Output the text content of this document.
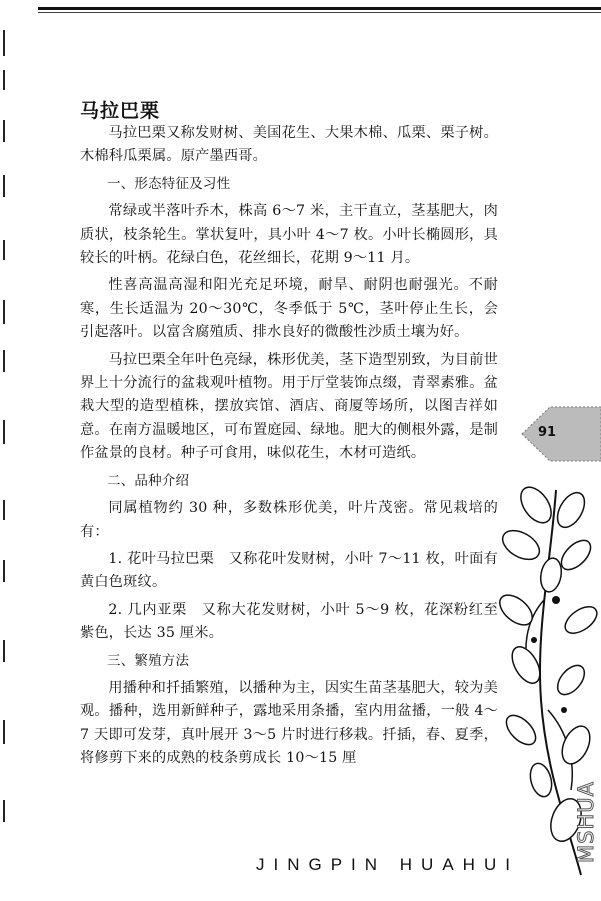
马拉巴栗

马拉巴栗又称发财树、美国花生、大果木棉、瓜栗、栗子树。木棉科瓜栗属。原产墨西哥。

一、形态特征及习性

常绿或半落叶乔木，株高 6～7 米，主干直立，茎基肥大，肉质状，枝条轮生。掌状复叶，具小叶 4～7 枚。小叶长椭圆形，具较长的叶柄。花绿白色，花丝细长，花期 9～11 月。

性喜高温高湿和阳光充足环境，耐旱、耐阴也耐强光。不耐寒，生长适温为 20～30℃，冬季低于 5℃，茎叶停止生长，会引起落叶。以富含腐殖质、排水良好的微酸性沙质土壤为好。

马拉巴栗全年叶色亮绿，株形优美，茎下造型别致，为目前世界上十分流行的盆栽观叶植物。用于厅堂装饰点缀，青翠素雅。盆栽大型的造型植株，摆放宾馆、酒店、商厦等场所，以图吉祥如意。在南方温暖地区，可布置庭园、绿地。肥大的侧根外露，是制作盆景的良材。种子可食用，味似花生，木材可造纸。

二、品种介绍

同属植物约 30 种，多数株形优美，叶片茂密。常见栽培的有：

1. 花叶马拉巴栗　又称花叶发财树，小叶 7～11 枚，叶面有黄白色斑纹。

2. 几内亚栗　又称大花发财树，小叶 5～9 枚，花深粉红至紫色，长达 35 厘米。

三、繁殖方法

用播种和扦插繁殖，以播种为主，因实生苗茎基肥大，较为美观。播种，选用新鲜种子，露地采用条播，室内用盆播，一般 4～7 天即可发芽，真叶展开 3～5 片时进行移栽。扦插，春、夏季，将修剪下来的成熟的枝条剪成长 10～15 厘

91

JINGPIN HUAHUI

MSHUA
